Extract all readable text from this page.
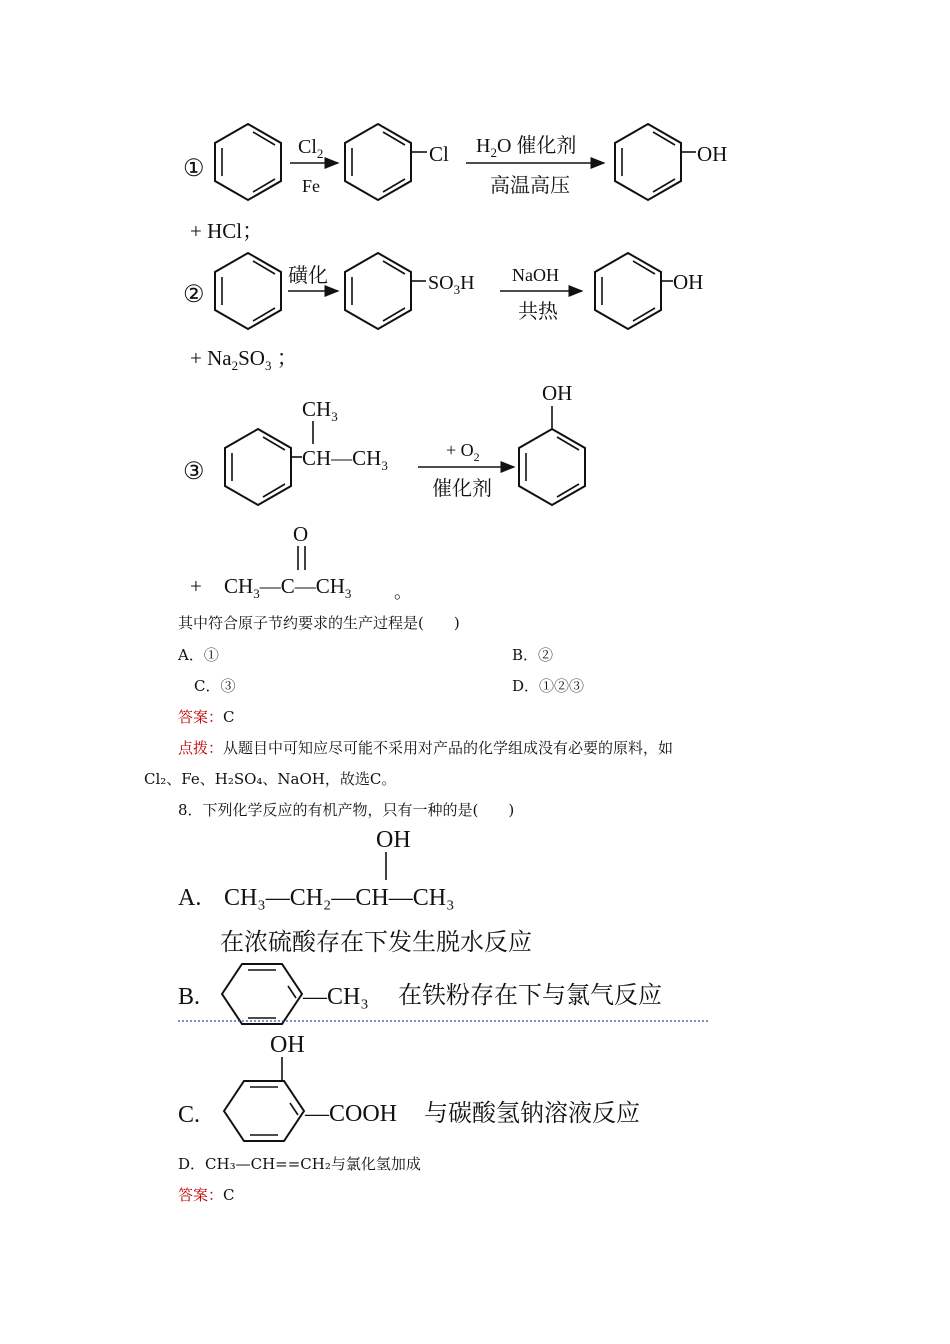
①
$Cl_2$
Fe
Cl $H_2O$ 催化剂
高温高压
OH
+ HCl；
②
磺化	$SO_3H$ NaOH
共热
OH
+ $Na_2SO_3$ ；
③
$CH_3$
$CH—CH_3$
+ $O_2$
催化剂
OH
O
+ $CH_3—C—CH_3$ 。
OH
A. CH₃—CH₂—CH—CH₃
在浓硫酸存在下发生脱水反应
B.	—CH₃ 在铁粉存在下与氯气反应
OH
C.	—COOH 与碳酸氢钠溶液反应
其中符合原子节约要求的生产过程是(　　)
A．①	B．②
C．③	D．①②③
答案：C
点拨：从题目中可知应尽可能不采用对产品的化学组成没有必要的原料，如
Cl₂、Fe、H₂SO₄、NaOH，故选C。
8．下列化学反应的有机产物，只有一种的是(　　)
D．CH₃—CH==CH₂与氯化氢加成
答案：C
